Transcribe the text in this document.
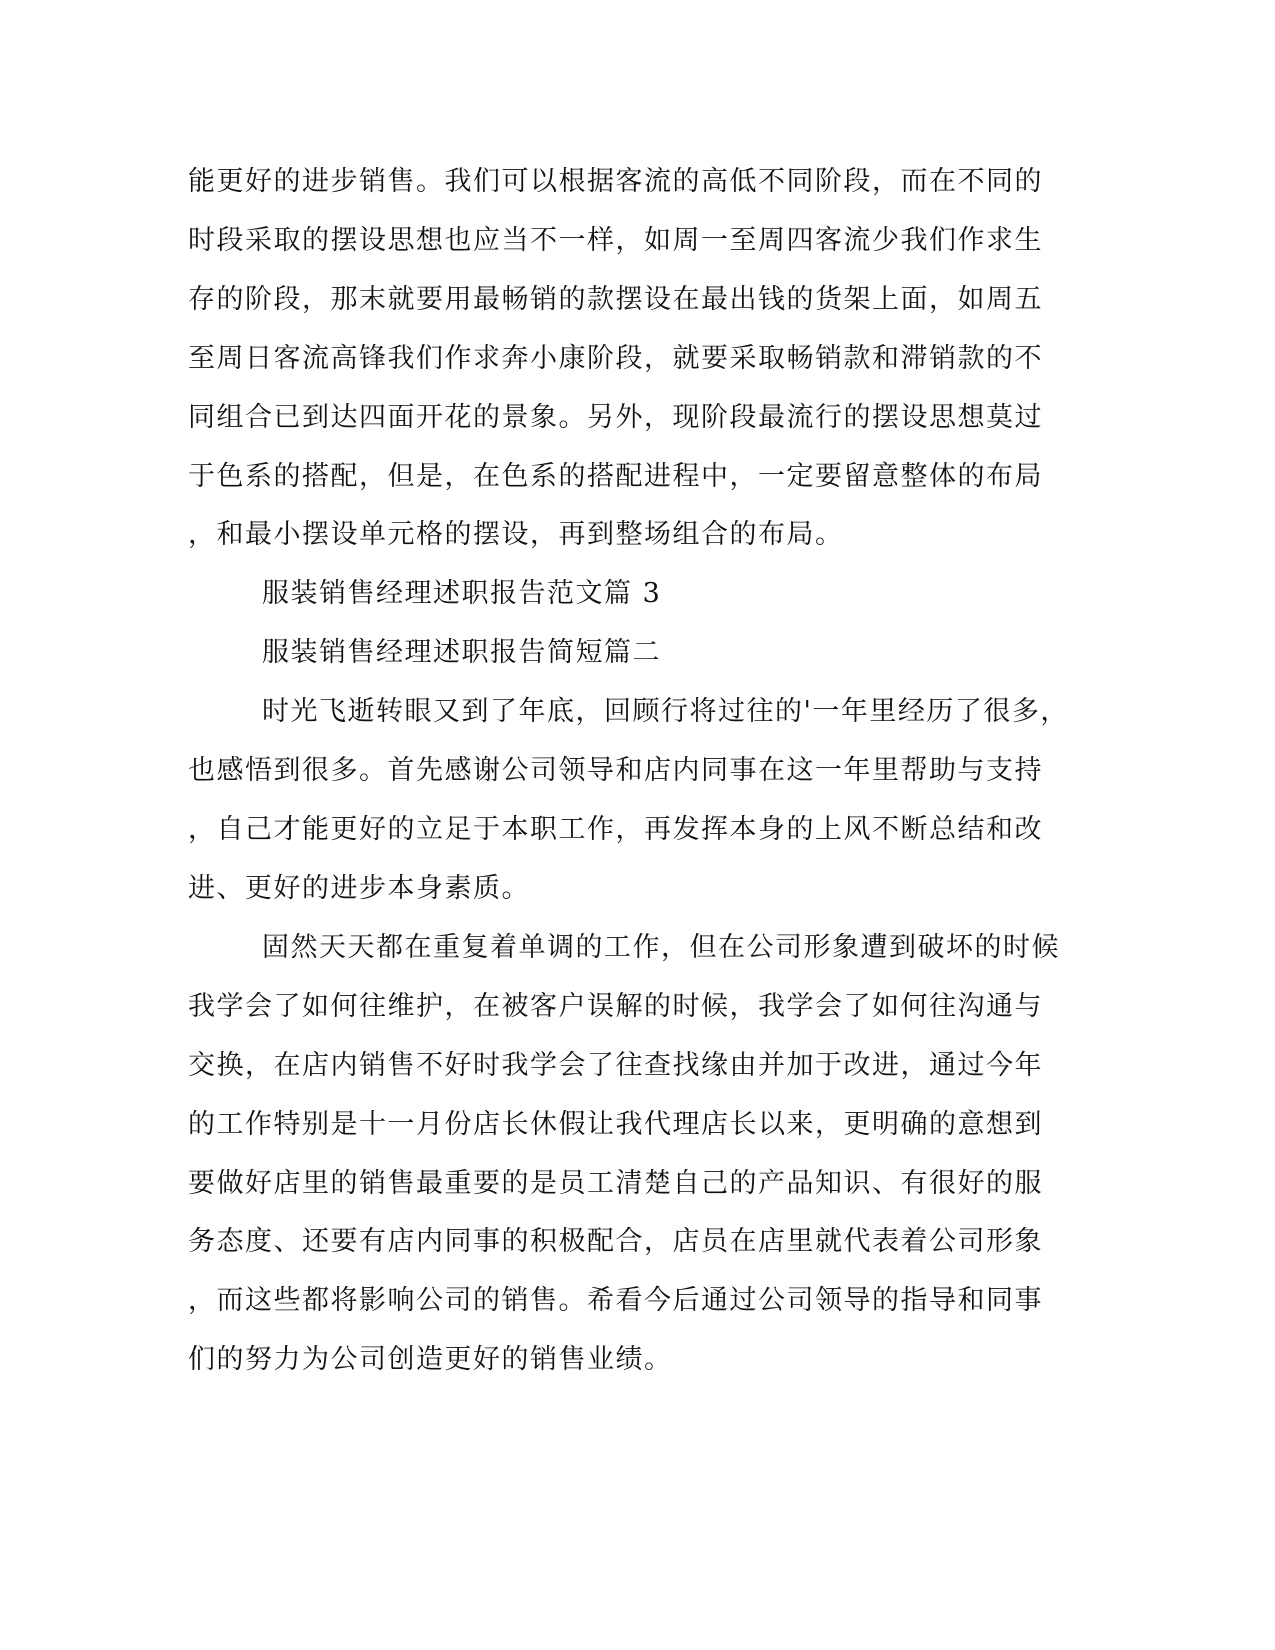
能更好的进步销售。我们可以根据客流的高低不同阶段，而在不同的
时段采取的摆设思想也应当不一样，如周一至周四客流少我们作求生
存的阶段，那末就要用最畅销的款摆设在最出钱的货架上面，如周五
至周日客流高锋我们作求奔小康阶段，就要采取畅销款和滞销款的不
同组合已到达四面开花的景象。另外，现阶段最流行的摆设思想莫过
于色系的搭配，但是，在色系的搭配进程中，一定要留意整体的布局
，和最小摆设单元格的摆设，再到整场组合的布局。
服装销售经理述职报告范文篇 3
服装销售经理述职报告简短篇二
时光飞逝转眼又到了年底，回顾行将过往的'一年里经历了很多，
也感悟到很多。首先感谢公司领导和店内同事在这一年里帮助与支持
，自己才能更好的立足于本职工作，再发挥本身的上风不断总结和改
进、更好的进步本身素质。
固然天天都在重复着单调的工作，但在公司形象遭到破坏的时候
我学会了如何往维护，在被客户误解的时候，我学会了如何往沟通与
交换，在店内销售不好时我学会了往查找缘由并加于改进，通过今年
的工作特别是十一月份店长休假让我代理店长以来，更明确的意想到
要做好店里的销售最重要的是员工清楚自己的产品知识、有很好的服
务态度、还要有店内同事的积极配合，店员在店里就代表着公司形象
，而这些都将影响公司的销售。希看今后通过公司领导的指导和同事
们的努力为公司创造更好的销售业绩。
